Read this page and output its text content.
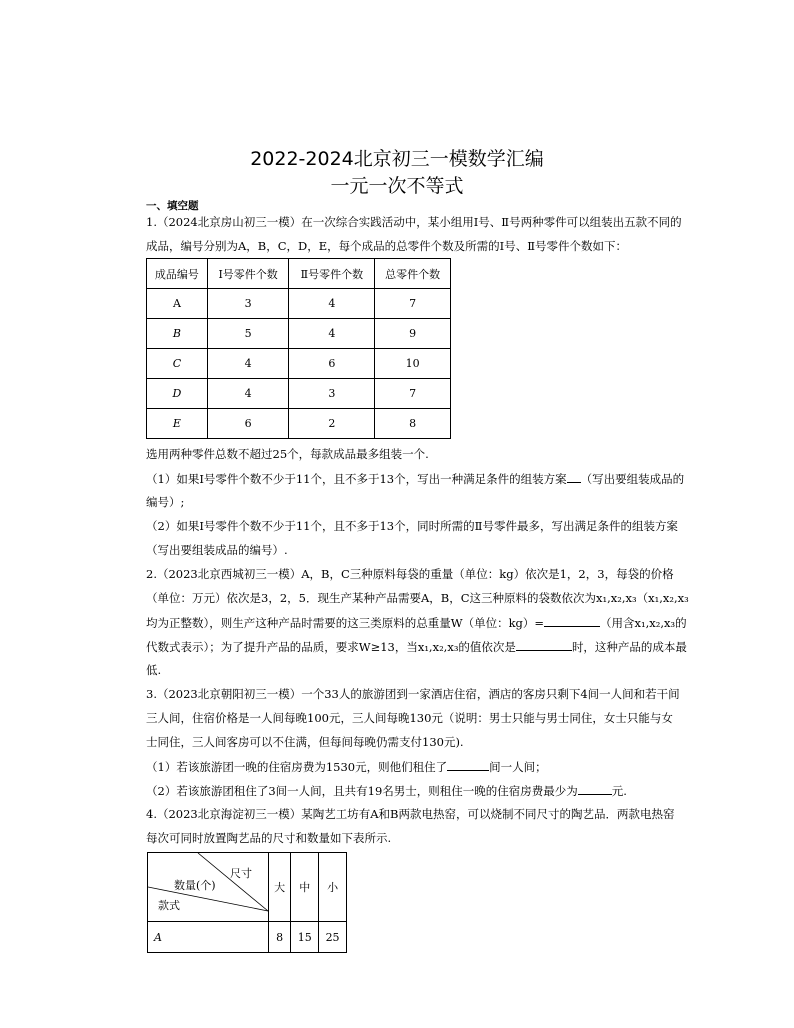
2022-2024北京初三一模数学汇编
一元一次不等式
一、填空题
1.（2024北京房山初三一模）在一次综合实践活动中，某小组用Ⅰ号、Ⅱ号两种零件可以组装出五款不同的
成品，编号分别为A，B，C，D，E，每个成品的总零件个数及所需的Ⅰ号、Ⅱ号零件个数如下：
成品编号	Ⅰ号零件个数	Ⅱ号零件个数	总零件个数
A	3	4	7
B	5	4	9
C	4	6	10
D	4	3	7
E	6	2	8
选用两种零件总数不超过25个，每款成品最多组装一个.
（1）如果Ⅰ号零件个数不少于11个，且不多于13个，写出一种满足条件的组装方案 （写出要组装成品的
编号）;
（2）如果Ⅰ号零件个数不少于11个，且不多于13个，同时所需的Ⅱ号零件最多，写出满足条件的组装方案
（写出要组装成品的编号）.
2.（2023北京西城初三一模）A，B，C三种原料每袋的重量（单位：kg）依次是1，2，3，每袋的价格
（单位：万元）依次是3，2，5．现生产某种产品需要A，B，C这三种原料的袋数依次为x₁,x₂,x₃（x₁,x₂,x₃
均为正整数），则生产这种产品时需要的这三类原料的总重量W（单位：kg）=	（用含x₁,x₂,x₃的
代数式表示）；为了提升产品的品质，要求W≥13，当x₁,x₂,x₃的值依次是	时，这种产品的成本最
低.
3.（2023北京朝阳初三一模）一个33人的旅游团到一家酒店住宿，酒店的客房只剩下4间一人间和若干间
三人间，住宿价格是一人间每晚100元，三人间每晚130元（说明：男士只能与男士同住，女士只能与女
士同住，三人间客房可以不住满，但每间每晚仍需支付130元).
（1）若该旅游团一晚的住宿房费为1530元，则他们租住了	间一人间；
（2）若该旅游团租住了3间一人间，且共有19名男士，则租住一晚的住宿房费最少为	元.
4.（2023北京海淀初三一模）某陶艺工坊有A和B两款电热窑，可以烧制不同尺寸的陶艺品．两款电热窑
每次可同时放置陶艺品的尺寸和数量如下表所示.
尺寸
数量(个)
款式	大	中	小
A	8	15	25
